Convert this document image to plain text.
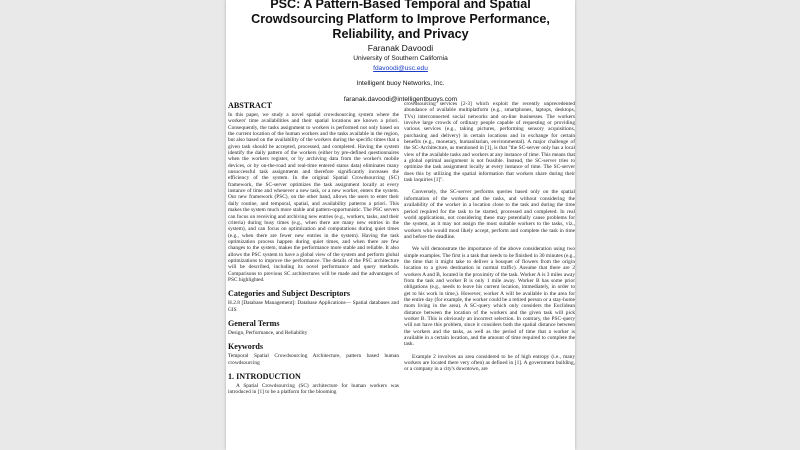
PSC: A Pattern-Based Temporal and Spatial
Crowdsourcing Platform to Improve Performance,
Reliability, and Privacy
Faranak Davoodi
University of Southern California
fdavoodi@usc.edu
Intelligent buoy Networks, Inc.
faranak.davoodi@intelligentbuoys.com
ABSTRACT

In this paper, we study a novel spatial crowdsourcing system where the workers' time availabilities and their spatial locations are known a priori. Consequently, the tasks assignment to workers is performed not only based on the current location of the human workers and the tasks available in the region, but also based on the availability of the workers during the specific times that a given task should be accepted, processed, and completed. Having the system identify the daily pattern of the workers (either by pre-defined questionnaires when the workers register, or by archiving data from the worker's mobile devices, or by on-the-road and real-time entered status data) eliminates many unsuccessful task assignments and therefore significantly increases the efficiency of the system. In the original Spatial Crowdsourcing (SC) framework, the SC-server optimizes the task assignment locally at every instance of time and whenever a new task, or a new worker, enters the system. Our new framework (PSC), on the other hand, allows the users to enter their daily routine, and temporal, spatial, and availability patterns a priori. This makes the system much more stable and pattern-opportunistic. The PSC servers can focus on receiving and archiving new entries (e.g., workers, tasks, and their criteria) during busy times (e.g., when there are many new entries in the system), and can focus on optimization and computations during quiet times (e.g., when there are fewer new entries in the system). Having the task optimization process happen during quiet times, and when there are few changes to the system, makes the performance more stable and reliable. It also allows the PSC system to have a global view of the system and perform global optimizations to improve the performance. The details of the PSC architecture will be described, including its novel performance and query methods. Comparisons to previous SC architectures will be made and the advantages of PSC highlighted.

Categories and Subject Descriptors

H.2.8 [Database Management]: Database Applications— Spatial databases and GIS

General Terms

Design, Performance, and Reliability

Keywords

Temporal Spatial Crowdsourcing Architecture, pattern based human crowdsourcing

1. INTRODUCTION

A Spatial Crowdsourcing (SC) architecture for human workers was introduced in [1] to be a platform for the blooming

crowdsourcing services [2-3] which exploit the recently unprecedented abundance of available multiplatform (e.g., smartphones, laptops, desktops, TVs) interconnected social networks and on-line businesses. The workers involve large crowds of ordinary people capable of requesting or providing various services (e.g., taking pictures, performing sensory acquisitions, purchasing and delivery) in certain locations and in exchange for certain benefits (e.g., monetary, humanitarian, environmental). A major challenge of the SC-Architecture, as mentioned in [1], is that "the SC-server only has a local view of the available tasks and workers at any instance of time. This means that a global optimal assignment is not feasible. Instead, the SC-server tries to optimize the task assignment locally at every instance of time. The SC-server does this by utilizing the spatial information that workers share during their task inquiries [1]".

Conversely, the SC-server performs queries based only on the spatial information of the workers and the tasks, and without considering the availability of the worker in a location close to the task and during the time period required for the task to be started, processed and completed. In real world applications, not considering these may potentially cause problems for the system, as it may not assign the most suitable workers to the tasks, viz., workers who would most likely accept, perform and complete the task in time and before the deadline.

We will demonstrate the importance of the above consideration using two simple examples. The first is a task that needs to be finished in 30 minutes (e.g., the time that it might take to deliver a bouquet of flowers from the origin location to a given destination in normal traffic). Assume that there are 2 workers A and B, located in the proximity of the task. Worker A is 3 miles away from the task and worker B is only 1 mile away. Worker B has some prior obligations (e.g., needs to leave his current location, immediately, in order to get to his work in time,). However, worker A will be available in the area for the entire day (for example, the worker could be a retired person or a stay-home mom living in the area). A SC-query which only considers the Euclidean distance between the location of the workers and the given task will pick worker B. This is obviously an incorrect selection. In contrary, the PSC-query will not have this problem, since it considers both the spatial distance between the workers and the tasks, as well as the period of time that a worker is available in a certain location, and the amount of time required to complete the task.

Example 2 involves an area considered to be of high entropy (i.e., many workers are located there very often) as defined in [1]. A government building, or a company in a city's downtown, are
